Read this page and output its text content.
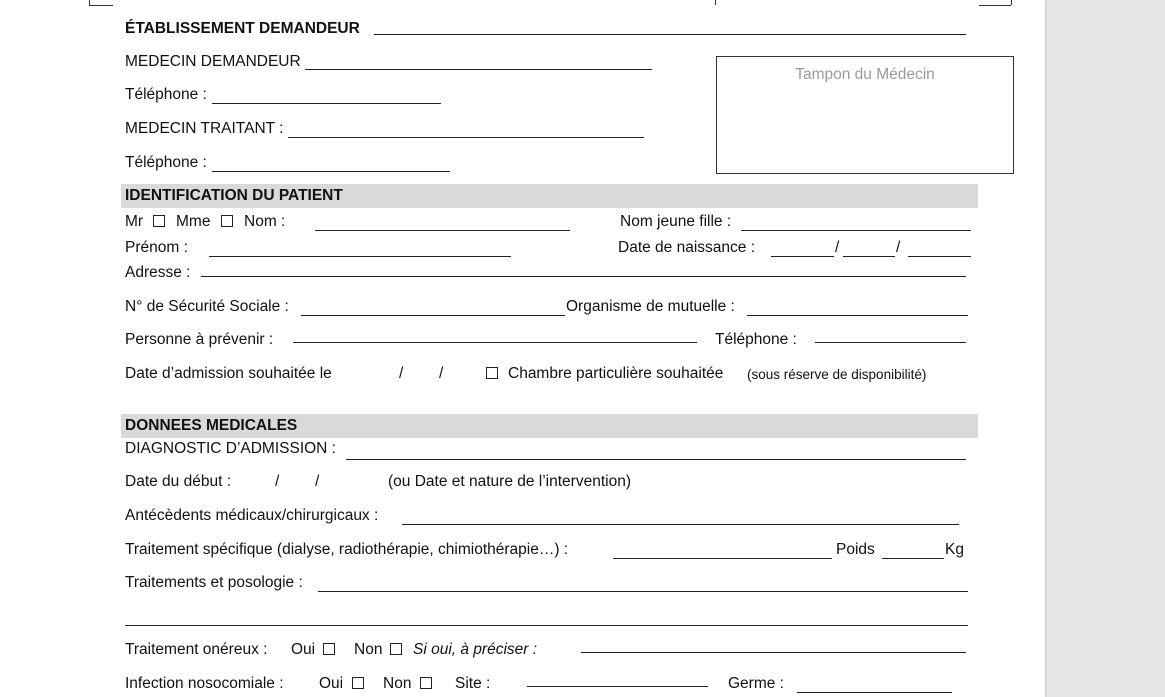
ÉTABLISSEMENT DEMANDEUR
MEDECIN DEMANDEUR
Téléphone :
MEDECIN TRAITANT :
Téléphone :
Tampon du Médecin
IDENTIFICATION DU PATIENT
Mr Mme Nom :	Nom jeune fille :
Prénom :	Date de naissance :	/	/
Adresse :
N° de Sécurité Sociale :	Organisme de mutuelle :
Personne à prévenir :	Téléphone :
Date d’admission souhaitée le	/ /	Chambre particulière souhaitée (sous réserve de disponibilité)
DONNEES MEDICALES
DIAGNOSTIC D’ADMISSION :
Date du début :	/ /	(ou Date et nature de l’intervention)
Antécèdents médicaux/chirurgicaux :
Traitement spécifique (dialyse, radiothérapie, chimiothérapie…) :	Poids	Kg
Traitements et posologie :
Traitement onéreux : Oui	Non Si oui, à préciser :
Infection nosocomiale : Oui	Non	Site :	Germe :
